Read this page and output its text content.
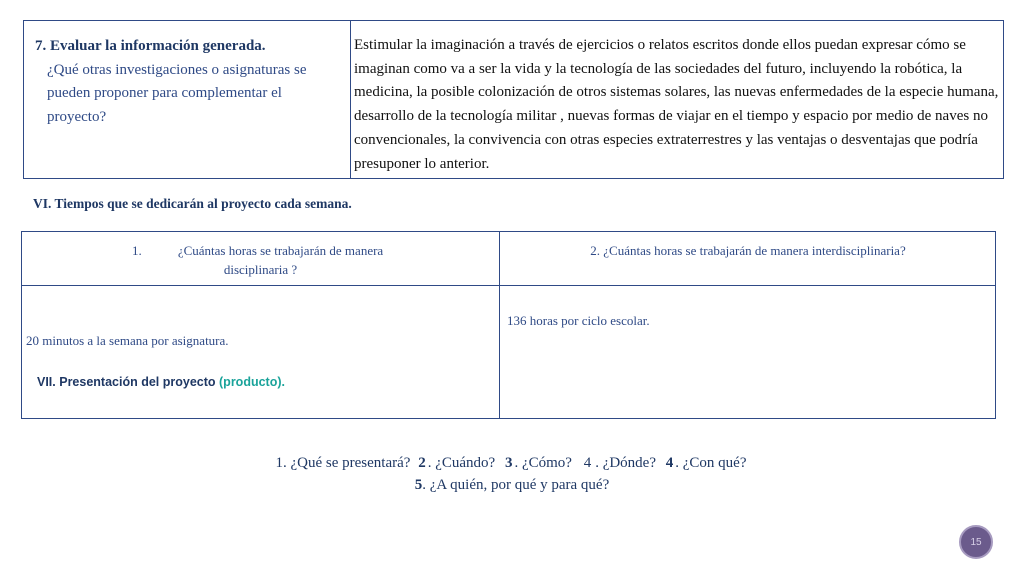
7. Evaluar la información generada.
¿Qué otras investigaciones o asignaturas se pueden proponer para complementar el proyecto?
Estimular la imaginación a través de ejercicios o relatos escritos donde ellos puedan expresar cómo se imaginan como va a ser la vida y la tecnología de las sociedades del futuro, incluyendo la robótica, la medicina, la posible colonización de otros sistemas solares, las nuevas enfermedades de la especie humana, desarrollo de la tecnología militar , nuevas formas de viajar en el tiempo y espacio por medio de naves no convencionales, la convivencia con otras especies extraterrestres y las ventajas o desventajas que podría presuponer lo anterior.
VI. Tiempos que se dedicarán al proyecto cada semana.
1.	¿Cuántas horas se trabajarán de manera
disciplinaria ?
2. ¿Cuántas horas se trabajarán de manera interdisciplinaria?
20 minutos a la semana por asignatura.
136 horas por ciclo escolar.
VII. Presentación del proyecto (producto).
1. ¿Qué se presentará? 2 . ¿Cuándo? 3 . ¿Cómo? 4 . ¿Dónde? 4 . ¿Con qué?
5. ¿A quién, por qué y para qué?
15
